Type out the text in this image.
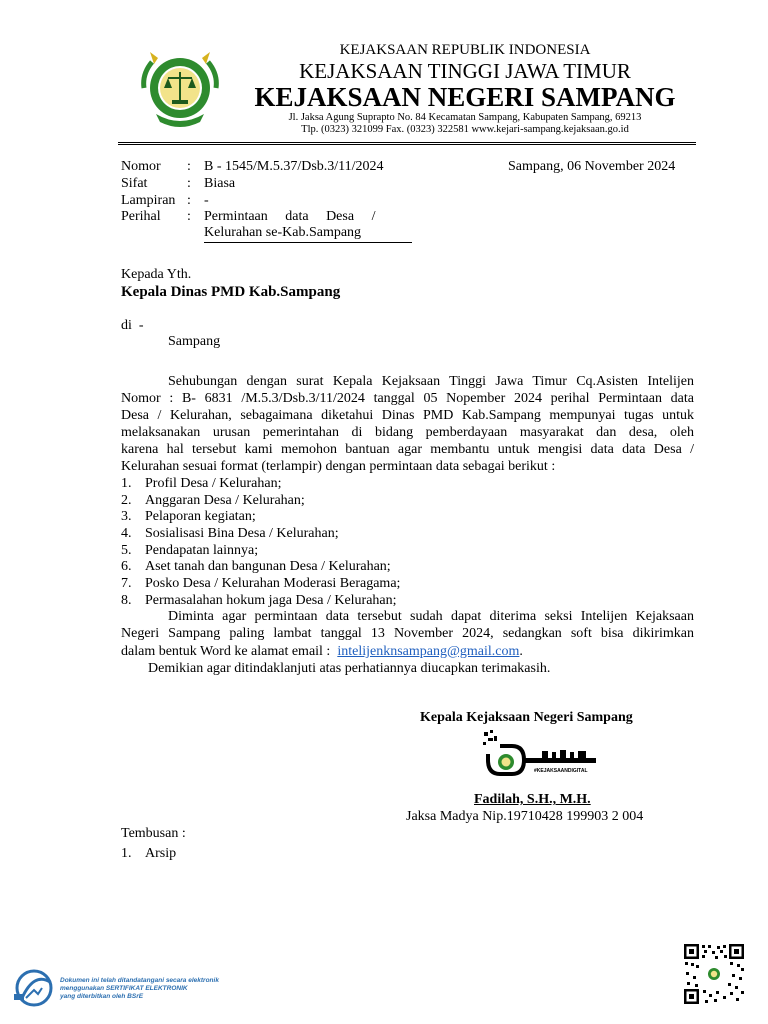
KEJAKSAAN REPUBLIK INDONESIA
KEJAKSAAN TINGGI JAWA TIMUR
KEJAKSAAN NEGERI SAMPANG
Jl. Jaksa Agung Suprapto No. 84 Kecamatan Sampang, Kabupaten Sampang, 69213
Tlp. (0323) 321099 Fax. (0323) 322581 www.kejari-sampang.kejaksaan.go.id
Nomor : B - 1545/M.5.37/Dsb.3/11/2024	Sampang, 06 November 2024
Sifat	: Biasa
Lampiran : -
Perihal : Permintaan     data     Desa     /
Kelurahan se-Kab.Sampang
Kepada Yth.
Kepala Dinas PMD Kab.Sampang
di  -
Sampang
Sehubungan dengan surat Kepala Kejaksaan Tinggi Jawa Timur Cq.Asisten Intelijen
Nomor : B- 6831 /M.5.3/Dsb.3/11/2024 tanggal 05 Nopember 2024 perihal Permintaan data
Desa / Kelurahan, sebagaimana diketahui Dinas PMD Kab.Sampang mempunyai tugas untuk
melaksanakan urusan pemerintahan di bidang pemberdayaan masyarakat dan desa, oleh
karena hal tersebut kami memohon bantuan agar membantu untuk mengisi data data Desa /
Kelurahan sesuai format (terlampir) dengan permintaan data sebagai berikut :
1. Profil Desa / Kelurahan;
2. Anggaran Desa / Kelurahan;
3. Pelaporan kegiatan;
4. Sosialisasi Bina Desa / Kelurahan;
5. Pendapatan lainnya;
6. Aset tanah dan bangunan Desa / Kelurahan;
7. Posko Desa / Kelurahan Moderasi Beragama;
8. Permasalahan hokum jaga Desa / Kelurahan;
Diminta agar permintaan data tersebut sudah dapat diterima seksi Intelijen Kejaksaan
Negeri Sampang paling lambat tanggal 13 November 2024, sedangkan soft bisa dikirimkan
dalam bentuk Word ke alamat email :  intelijenknsampang@gmail.com.
Demikian agar ditindaklanjuti atas perhatiannya diucapkan terimakasih.
Kepala Kejaksaan Negeri Sampang
#KEJAKSAANDIGITAL
Fadilah, S.H., M.H.
Jaksa Madya Nip.19710428 199903 2 004
Tembusan :
1. Arsip
Dokumen ini telah ditandatangani secara elektronik
menggunakan SERTIFIKAT ELEKTRONIK
yang diterbitkan oleh BSrE
